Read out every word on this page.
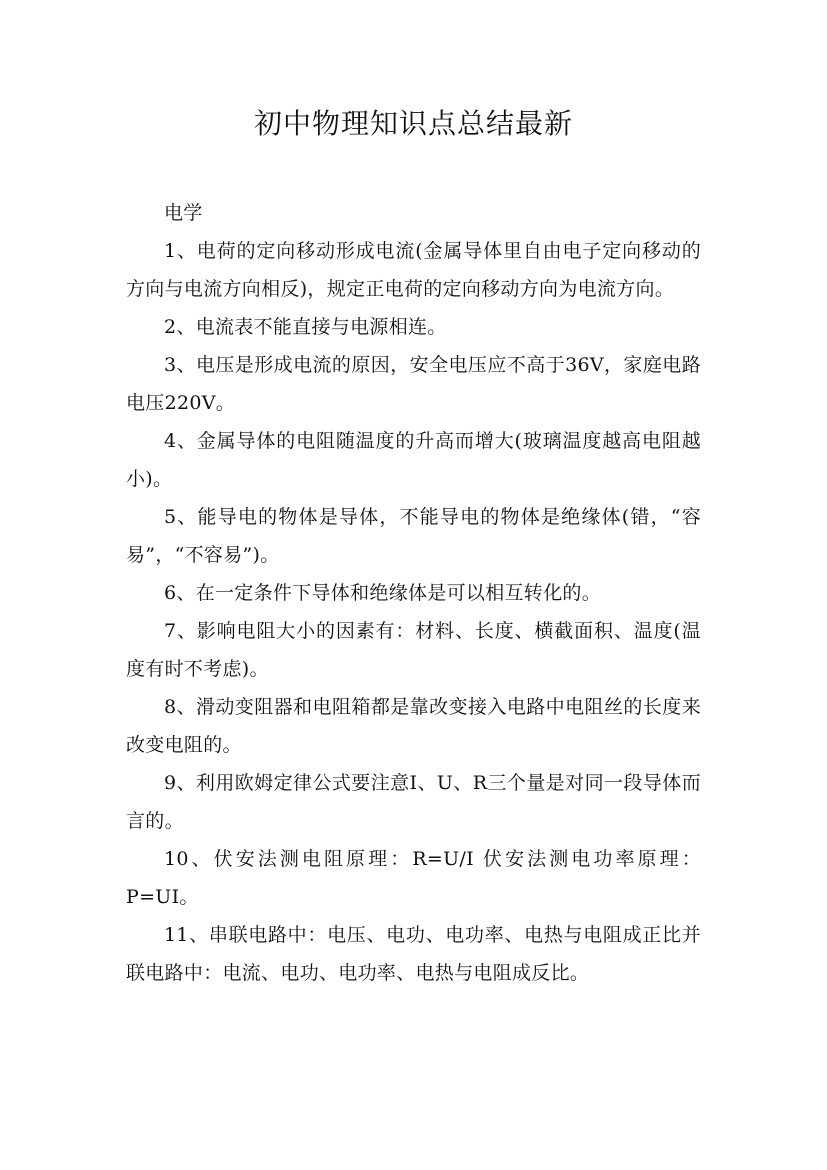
初中物理知识点总结最新

电学

1、电荷的定向移动形成电流(金属导体里自由电子定向移动的方向与电流方向相反)，规定正电荷的定向移动方向为电流方向。

2、电流表不能直接与电源相连。

3、电压是形成电流的原因，安全电压应不高于36V，家庭电路电压220V。

4、金属导体的电阻随温度的升高而增大(玻璃温度越高电阻越小)。

5、能导电的物体是导体，不能导电的物体是绝缘体(错，“容易”，“不容易”)。

6、在一定条件下导体和绝缘体是可以相互转化的。

7、影响电阻大小的因素有：材料、长度、横截面积、温度(温度有时不考虑)。

8、滑动变阻器和电阻箱都是靠改变接入电路中电阻丝的长度来改变电阻的。

9、利用欧姆定律公式要注意I、U、R三个量是对同一段导体而言的。

10、伏安法测电阻原理：R=U/I 伏安法测电功率原理：P=UI。

11、串联电路中：电压、电功、电功率、电热与电阻成正比并联电路中：电流、电功、电功率、电热与电阻成反比。
